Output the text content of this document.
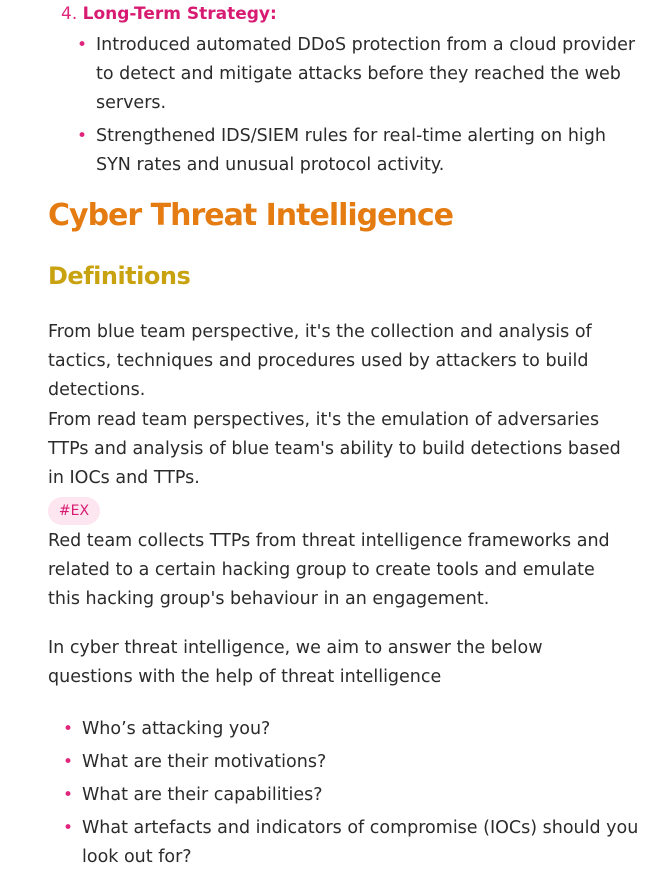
4. Long-Term Strategy:
• Introduced automated DDoS protection from a cloud provider to detect and mitigate attacks before they reached the web servers.
• Strengthened IDS/SIEM rules for real-time alerting on high SYN rates and unusual protocol activity.
Cyber Threat Intelligence
Definitions
From blue team perspective, it's the collection and analysis of tactics, techniques and procedures used by attackers to build detections.
From read team perspectives, it's the emulation of adversaries TTPs and analysis of blue team's ability to build detections based in IOCs and TTPs.
#EX
Red team collects TTPs from threat intelligence frameworks and related to a certain hacking group to create tools and emulate this hacking group's behaviour in an engagement.
In cyber threat intelligence, we aim to answer the below questions with the help of threat intelligence
• Who’s attacking you?
• What are their motivations?
• What are their capabilities?
• What artefacts and indicators of compromise (IOCs) should you look out for?
